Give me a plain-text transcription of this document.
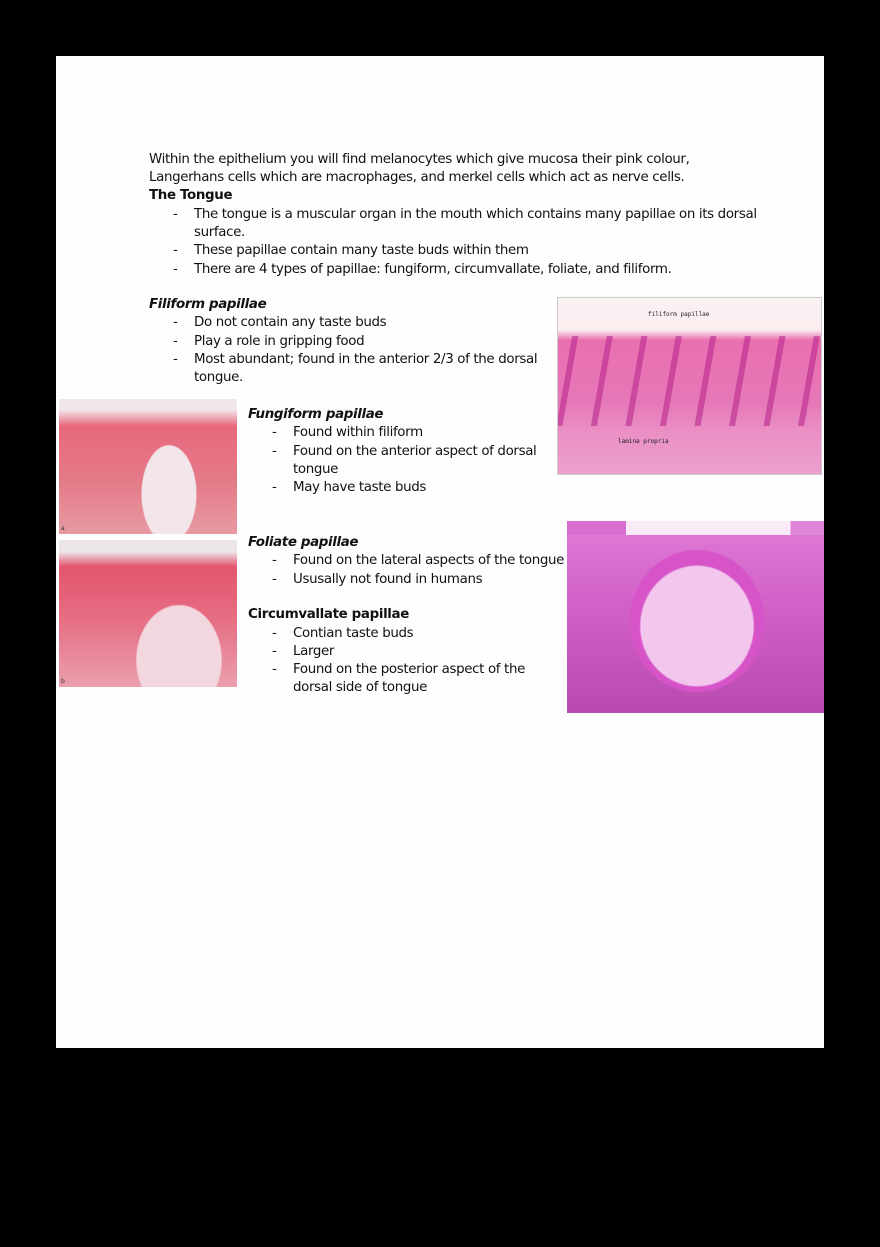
Within the epithelium you will find melanocytes which give mucosa their pink colour,
Langerhans cells which are macrophages, and merkel cells which act as nerve cells.
The Tongue
- The tongue is a muscular organ in the mouth which contains many papillae on its dorsal
surface.
- These papillae contain many taste buds within them
- There are 4 types of papillae: fungiform, circumvallate, foliate, and filiform.
Filiform papillae
- Do not contain any taste buds
- Play a role in gripping food
- Most abundant; found in the anterior 2/3 of the dorsal
tongue.
filiform papillae
lamina propria
a
b
Fungiform papillae
- Found within filiform
- Found on the anterior aspect of dorsal
tongue
- May have taste buds
Foliate papillae
- Found on the lateral aspects of the tongue
- Ususally not found in humans
Circumvallate papillae
- Contian taste buds
- Larger
- Found on the posterior aspect of the
dorsal side of tongue
